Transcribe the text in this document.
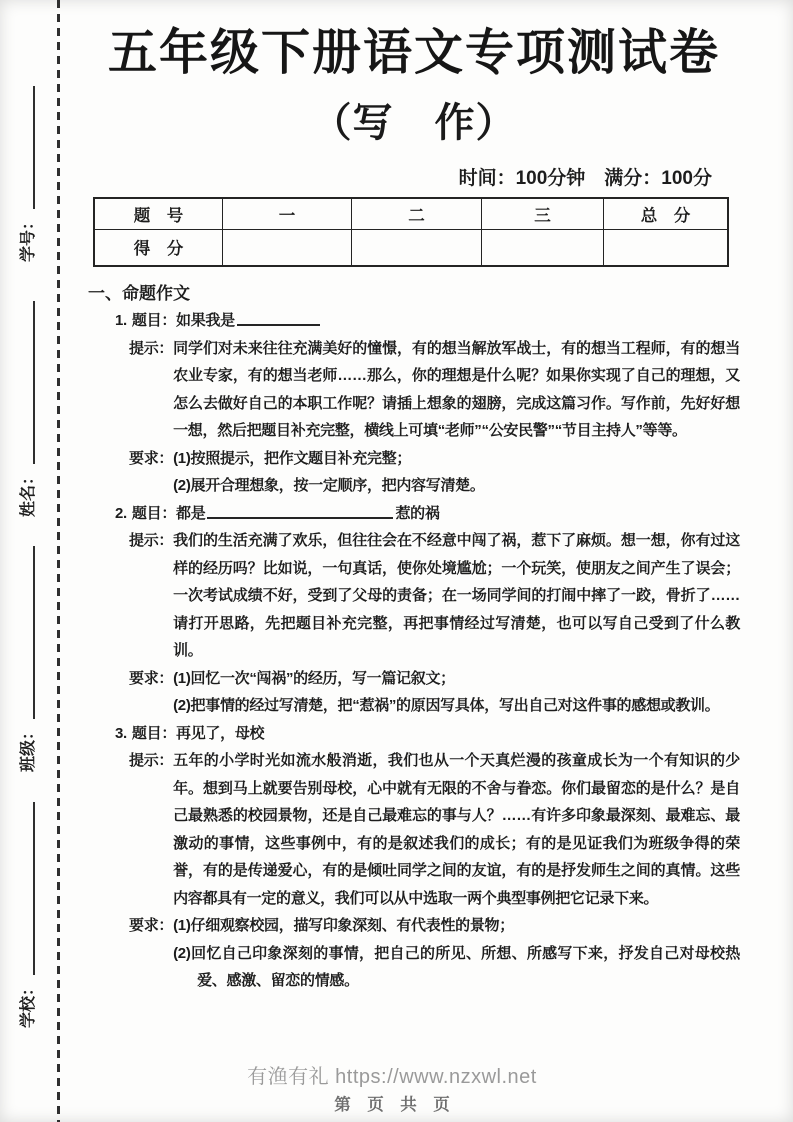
学号：
姓名：
班级：
学校：
五年级下册语文专项测试卷
（写　作）
时间：100分钟　满分：100分
题　号	一	二	三	总　分
得　分				
一、命题作文
1. 题目：如果我是
提示： 同学们对未来往往充满美好的憧憬，有的想当解放军战士，有的想当工程师，有的想当农业专家，有的想当老师……那么，你的理想是什么呢？如果你实现了自己的理想，又怎么去做好自己的本职工作呢？请插上想象的翅膀，完成这篇习作。写作前，先好好想一想，然后把题目补充完整，横线上可填“老师”“公安民警”“节目主持人”等等。
要求： (1)按照提示，把作文题目补充完整；
(2)展开合理想象，按一定顺序，把内容写清楚。
2. 题目：都是	惹的祸
提示： 我们的生活充满了欢乐，但往往会在不经意中闯了祸，惹下了麻烦。想一想，你有过这样的经历吗？比如说，一句真话，使你处境尴尬；一个玩笑，使朋友之间产生了误会；一次考试成绩不好，受到了父母的责备；在一场同学间的打闹中摔了一跤，骨折了……请打开思路，先把题目补充完整，再把事情经过写清楚，也可以写自己受到了什么教训。
要求： (1)回忆一次“闯祸”的经历，写一篇记叙文；
(2)把事情的经过写清楚，把“惹祸”的原因写具体，写出自己对这件事的感想或教训。
3. 题目：再见了，母校
提示： 五年的小学时光如流水般消逝，我们也从一个天真烂漫的孩童成长为一个有知识的少年。想到马上就要告别母校，心中就有无限的不舍与眷恋。你们最留恋的是什么？是自己最熟悉的校园景物，还是自己最难忘的事与人？……有许多印象最深刻、最难忘、最激动的事情，这些事例中，有的是叙述我们的成长；有的是见证我们为班级争得的荣誉，有的是传递爱心，有的是倾吐同学之间的友谊，有的是抒发师生之间的真情。这些内容都具有一定的意义，我们可以从中选取一两个典型事例把它记录下来。
要求： (1)仔细观察校园，描写印象深刻、有代表性的景物；
(2)回忆自己印象深刻的事情，把自己的所见、所想、所感写下来，抒发自己对母校热爱、感激、留恋的情感。
有渔有礼 https://www.nzxwl.net
第　页　共　页
